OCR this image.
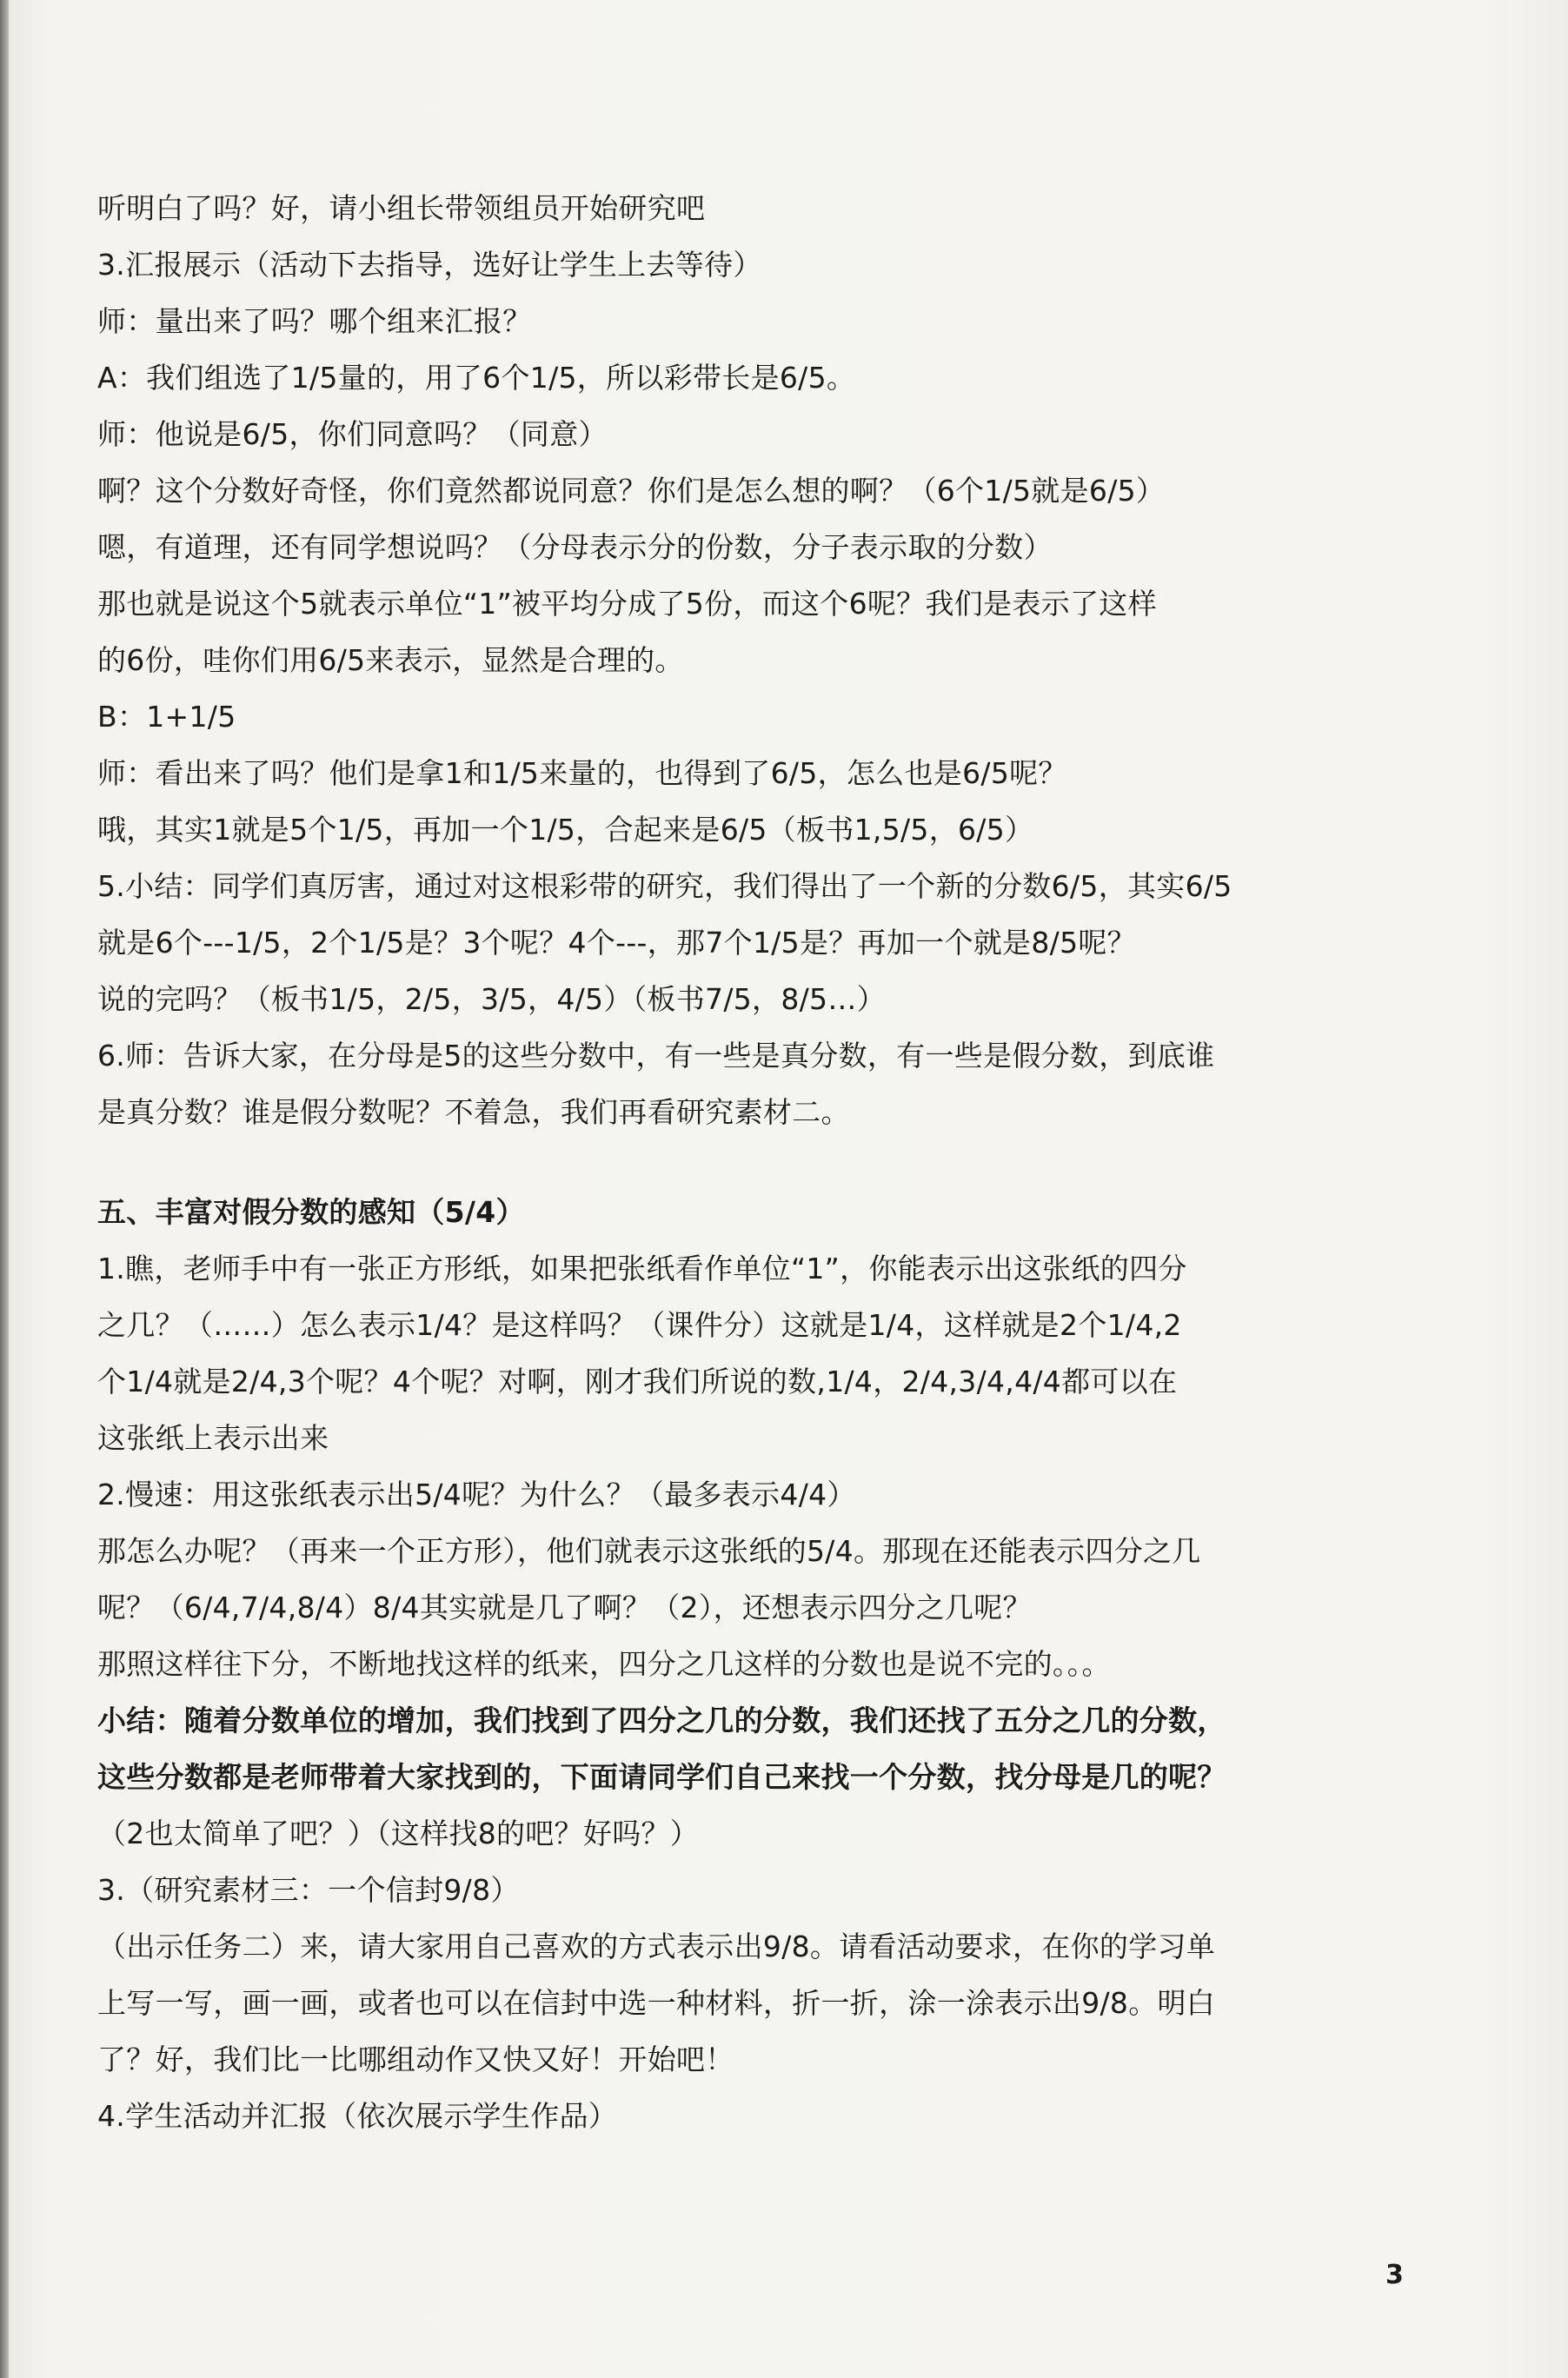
听明白了吗？好，请小组长带领组员开始研究吧
3.汇报展示（活动下去指导，选好让学生上去等待）
师：量出来了吗？哪个组来汇报？
A：我们组选了1/5量的，用了6个1/5，所以彩带长是6/5。
师：他说是6/5，你们同意吗？（同意）
啊？这个分数好奇怪，你们竟然都说同意？你们是怎么想的啊？（6个1/5就是6/5）
嗯，有道理，还有同学想说吗？（分母表示分的份数，分子表示取的分数）
那也就是说这个5就表示单位“1”被平均分成了5份，而这个6呢？我们是表示了这样
的6份，哇你们用6/5来表示，显然是合理的。
B：1+1/5
师：看出来了吗？他们是拿1和1/5来量的，也得到了6/5，怎么也是6/5呢？
哦，其实1就是5个1/5，再加一个1/5，合起来是6/5（板书1,5/5，6/5）
5.小结：同学们真厉害，通过对这根彩带的研究，我们得出了一个新的分数6/5，其实6/5
就是6个---1/5，2个1/5是？3个呢？4个---，那7个1/5是？再加一个就是8/5呢？
说的完吗？（板书1/5，2/5，3/5，4/5）（板书7/5，8/5…）
6.师：告诉大家，在分母是5的这些分数中，有一些是真分数，有一些是假分数，到底谁
是真分数？谁是假分数呢？不着急，我们再看研究素材二。
五、丰富对假分数的感知（5/4）
1.瞧，老师手中有一张正方形纸，如果把张纸看作单位“1”，你能表示出这张纸的四分
之几？（……）怎么表示1/4？是这样吗？（课件分）这就是1/4，这样就是2个1/4,2
个1/4就是2/4,3个呢？4个呢？对啊，刚才我们所说的数,1/4，2/4,3/4,4/4都可以在
这张纸上表示出来
2.慢速：用这张纸表示出5/4呢？为什么？（最多表示4/4）
那怎么办呢？（再来一个正方形），他们就表示这张纸的5/4。那现在还能表示四分之几
呢？（6/4,7/4,8/4）8/4其实就是几了啊？（2），还想表示四分之几呢？
那照这样往下分，不断地找这样的纸来，四分之几这样的分数也是说不完的。。。
小结：随着分数单位的增加，我们找到了四分之几的分数，我们还找了五分之几的分数，
这些分数都是老师带着大家找到的，下面请同学们自己来找一个分数，找分母是几的呢？
（2也太简单了吧？）（这样找8的吧？好吗？）
3.（研究素材三：一个信封9/8）
（出示任务二）来，请大家用自己喜欢的方式表示出9/8。请看活动要求，在你的学习单
上写一写，画一画，或者也可以在信封中选一种材料，折一折，涂一涂表示出9/8。明白
了？好，我们比一比哪组动作又快又好！开始吧！
4.学生活动并汇报（依次展示学生作品）
3
